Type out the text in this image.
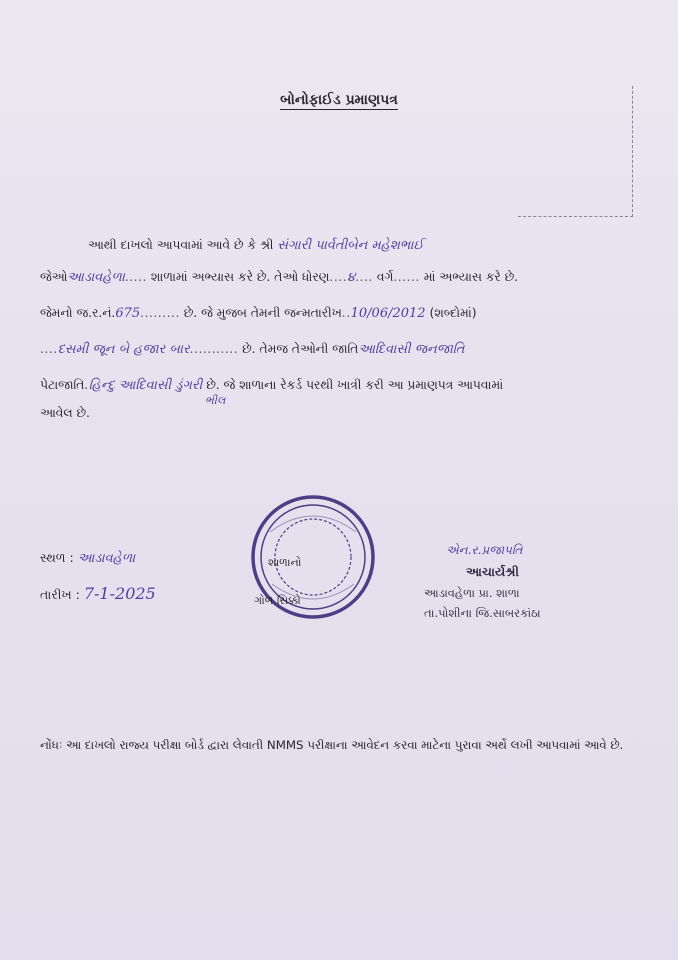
બોનોફાઈડ પ્રમાણપત્ર
આથી દાખલો આપવામાં આવે છે કે શ્રી સંગારી પાર્વતીબેન મહેશભાઈ
જેઓઆડાવહેળા..... શાળામાં અભ્યાસ કરે છે. તેઓ ધોરણ....૪.... વર્ગ...... માં અભ્યાસ કરે છે.
જેમનો જ.ર.નં.675......... છે. જે મુજબ તેમની જન્મતારીખ..10/06/2012 (શબ્દોમાં)
....દસમી જૂન બે હજાર બાર........... છે. તેમજ તેઓની જાતિઆદિવાસી જનજાતિ
પેટાજાતિ.હિન્દુ આદિવાસી ડુંગરી છે. જે શાળાના રેકર્ડ પરથી ખાત્રી કરી આ પ્રમાણપત્ર આપવામાં
ભીલ
આવેલ છે.
શાળાનો
ગોળ સિક્કો
સ્થળ : આડાવહેળા
તારીખ : 7-1-2025
એન.ર.પ્રજાપતિ
આચાર્યશ્રી
આડાવહેળા પ્રા. શાળા
તા.પોશીના જિ.સાબરકાંઠા
નોંધઃ આ દાખલો રાજ્ય પરીક્ષા બોર્ડ દ્વારા લેવાતી NMMS પરીક્ષાના આવેદન કરવા માટેના પુરાવા અર્થે લખી આપવામાં આવે છે.
